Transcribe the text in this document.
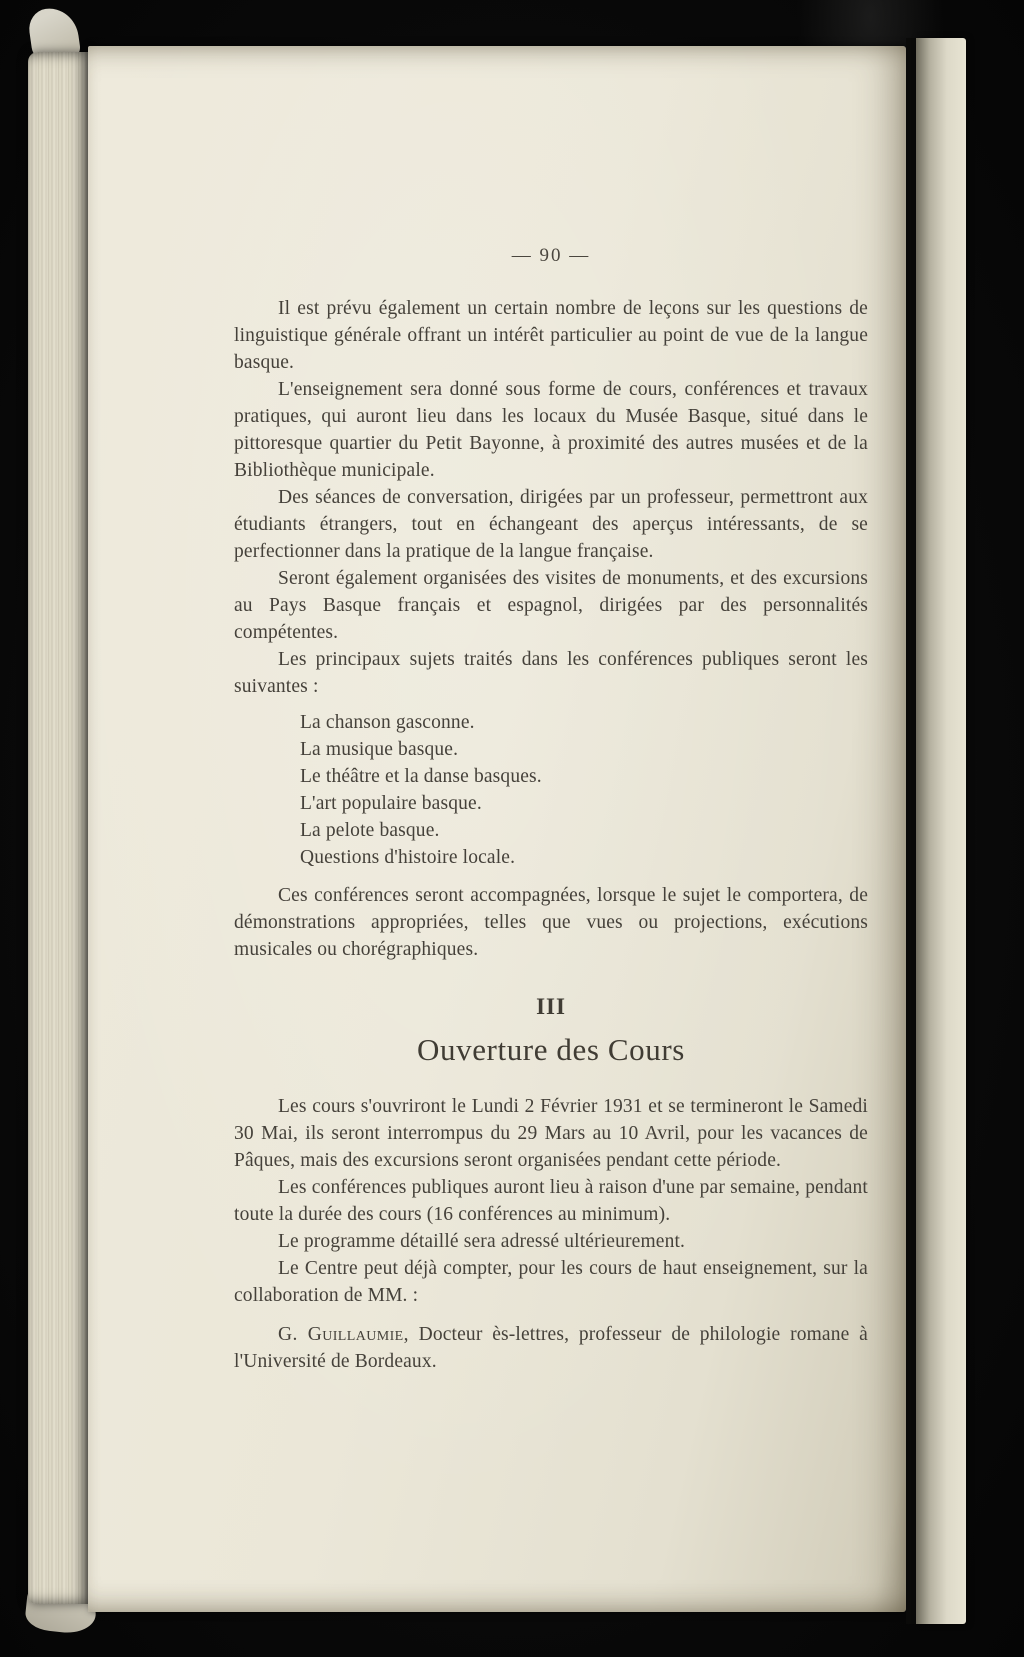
— 90 —

Il est prévu également un certain nombre de leçons sur les questions de linguistique générale offrant un intérêt particulier au point de vue de la langue basque.

L'enseignement sera donné sous forme de cours, conférences et travaux pratiques, qui auront lieu dans les locaux du Musée Basque, situé dans le pittoresque quartier du Petit Bayonne, à proximité des autres musées et de la Bibliothèque municipale.

Des séances de conversation, dirigées par un professeur, permettront aux étudiants étrangers, tout en échangeant des aperçus intéressants, de se perfectionner dans la pratique de la langue française.

Seront également organisées des visites de monuments, et des excursions au Pays Basque français et espagnol, dirigées par des personnalités compétentes.

Les principaux sujets traités dans les conférences publiques seront les suivantes :

La chanson gasconne.
La musique basque.
Le théâtre et la danse basques.
L'art populaire basque.
La pelote basque.
Questions d'histoire locale.

Ces conférences seront accompagnées, lorsque le sujet le comportera, de démonstrations appropriées, telles que vues ou projections, exécutions musicales ou chorégraphiques.

III
Ouverture des Cours

Les cours s'ouvriront le Lundi 2 Février 1931 et se termineront le Samedi 30 Mai, ils seront interrompus du 29 Mars au 10 Avril, pour les vacances de Pâques, mais des excursions seront organisées pendant cette période.

Les conférences publiques auront lieu à raison d'une par semaine, pendant toute la durée des cours (16 conférences au minimum).

Le programme détaillé sera adressé ultérieurement.

Le Centre peut déjà compter, pour les cours de haut enseignement, sur la collaboration de MM. :

G. Guillaumie, Docteur ès-lettres, professeur de philologie romane à l'Université de Bordeaux.
